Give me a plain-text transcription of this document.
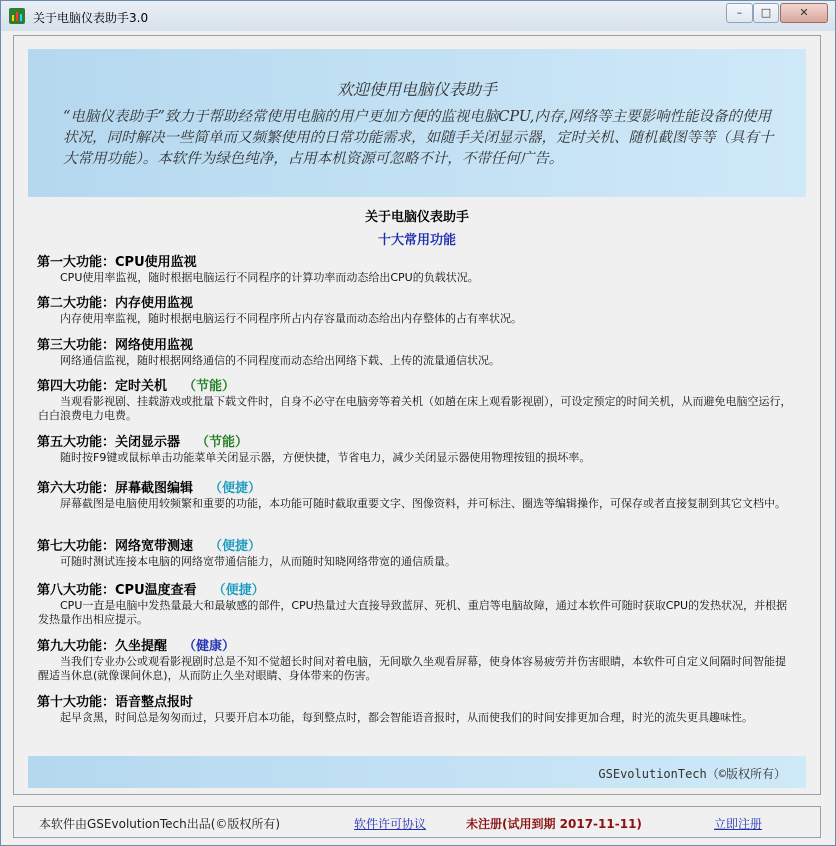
关于电脑仪表助手3.0	–	□	✕
欢迎使用电脑仪表助手
“电脑仪表助手”致力于帮助经常使用电脑的用户更加方便的监视电脑CPU,内存,网络等主要影响性能设备的使用状况，同时解决一些简单而又频繁使用的日常功能需求，如随手关闭显示器，定时关机、随机截图等等（具有十大常用功能）。本软件为绿色纯净，占用本机资源可忽略不计，不带任何广告。
关于电脑仪表助手
十大常用功能
第一大功能：CPU使用监视
CPU使用率监视，随时根据电脑运行不同程序的计算功率而动态给出CPU的负载状况。
第二大功能：内存使用监视
内存使用率监视，随时根据电脑运行不同程序所占内存容量而动态给出内存整体的占有率状况。
第三大功能：网络使用监视
网络通信监视，随时根据网络通信的不同程度而动态给出网络下载、上传的流量通信状况。
第四大功能：定时关机 （节能）
当观看影视剧、挂载游戏或批量下载文件时，自身不必守在电脑旁等着关机（如趟在床上观看影视剧），可设定预定的时间关机，从而避免电脑空运行，白白浪费电力电费。
第五大功能：关闭显示器 （节能）
随时按F9键或鼠标单击功能菜单关闭显示器，方便快捷，节省电力，减少关闭显示器使用物理按钮的损坏率。
第六大功能：屏幕截图编辑 （便捷）
屏幕截图是电脑使用较频繁和重要的功能，本功能可随时截取重要文字、图像资料，并可标注、圈选等编辑操作，可保存或者直接复制到其它文档中。
第七大功能：网络宽带测速 （便捷）
可随时测试连接本电脑的网络宽带通信能力，从而随时知晓网络带宽的通信质量。
第八大功能：CPU温度查看 （便捷）
CPU一直是电脑中发热量最大和最敏感的部件，CPU热量过大直接导致蓝屏、死机、重启等电脑故障，通过本软件可随时获取CPU的发热状况，并根据发热量作出相应提示。
第九大功能：久坐提醒 （健康）
当我们专业办公或观看影视剧时总是不知不觉超长时间对着电脑，无间歇久坐观看屏幕，使身体容易疲劳并伤害眼睛，本软件可自定义间隔时间智能提醒适当休息(就像课间休息)，从而防止久坐对眼睛、身体带来的伤害。
第十大功能：语音整点报时
起早贪黑，时间总是匆匆而过，只要开启本功能，每到整点时，都会智能语音报时，从而使我们的时间安排更加合理，时光的流失更具趣味性。
GSEvolutionTech（©版权所有）
本软件由GSEvolutionTech出品(©版权所有)	软件许可协议	未注册(试用到期 2017-11-11)	立即注册
